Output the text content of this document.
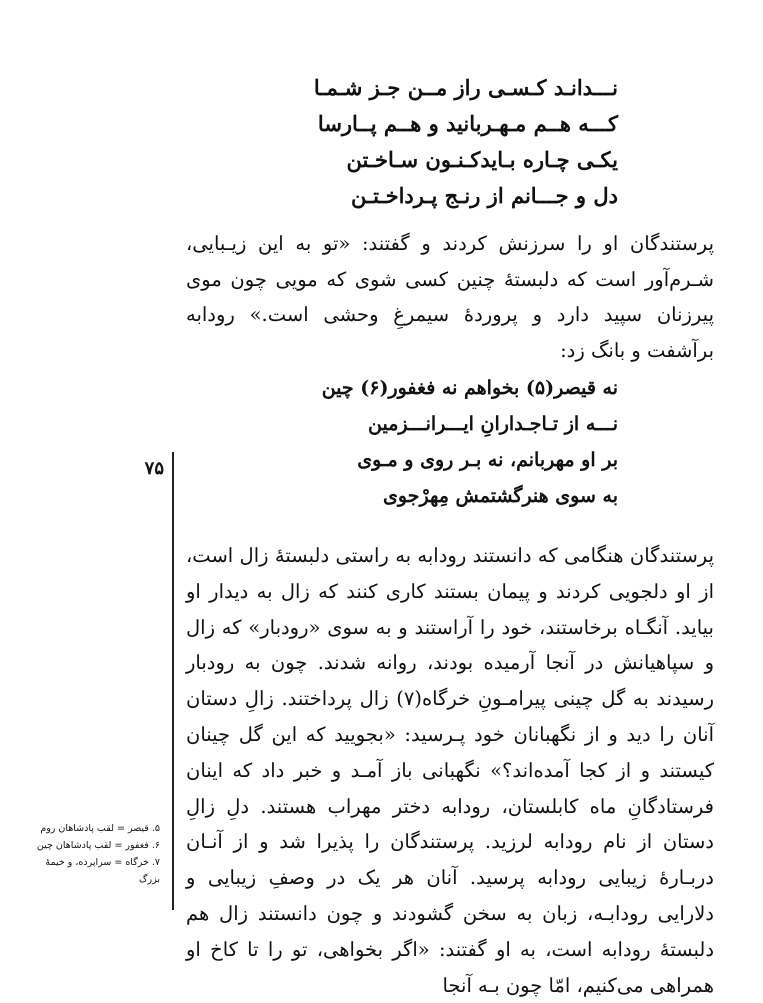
نـــدانـد کـسـی راز مــن جـز شـمـا
کـــه هــم مـهـربانید و هــم پــارسا
یکـی چـاره بـایدکـنـون سـاخـتن
دل و جـــانم از رنـج پـرداخـتـن
پرستندگان او را سرزنش کردند و گفتند: «تو به این زیـبایی، شـرم‌آور است که دلبستهٔ چنین کسی شوی که مویی چون موی پیرزنان سپید دارد و پروردهٔ سیمرغِ وحشی است.» رودابه برآشفت و بانگ زد:
نه قیصر(۵) بخواهم نه فغفور(۶) چین
نـــه از تـاجـدارانِ ایـــرانـــزمین
بر او مهربانم، نه بـر روی و مـوی
به سوی هنرگشتمش مِهرْجوی
۷۵
پرستندگان هنگامی که دانستند رودابه به راستی دلبستهٔ زال است، از او دلجویی کردند و پیمان بستند کاری کنند که زال به دیدار او بیاید. آنگـاه برخاستند، خود را آراستند و به سوی «رودبار» که زال و سپاهیانش در آنجا آرمیده بودند، روانه شدند. چون به رودبار رسیدند به گل چینی پیرامـونِ خرگاه(۷) زال پرداختند. زالِ دستان آنان را دید و از نگهبانان خود پـرسید: «بجویید که این گل چینان کیستند و از کجا آمده‌اند؟» نگهبانی باز آمـد و خبر داد که اینان فرستادگانِ ماه کابلستان، رودابه دختر مهراب هستند. دلِ زالِ دستان از نام رودابه لرزید. پرستندگان را پذیرا شد و از آنـان دربـارهٔ زیبایی رودابه پرسید. آنان هر یک در وصفِ زیبایی و دلارایی رودابـه، زبان به سخن گشودند و چون دانستند زال هم دلبستهٔ رودابه است، به او گفتند: «اگر بخواهی، تو را تا کاخ او همراهی می‌کنیم، امّا چون بـه آنجا
۵. قیصر = لقب پادشاهان روم
۶. فغفور = لقب پادشاهان چین
۷. خرگاه = سراپرده، و خیمهٔ بزرگ
